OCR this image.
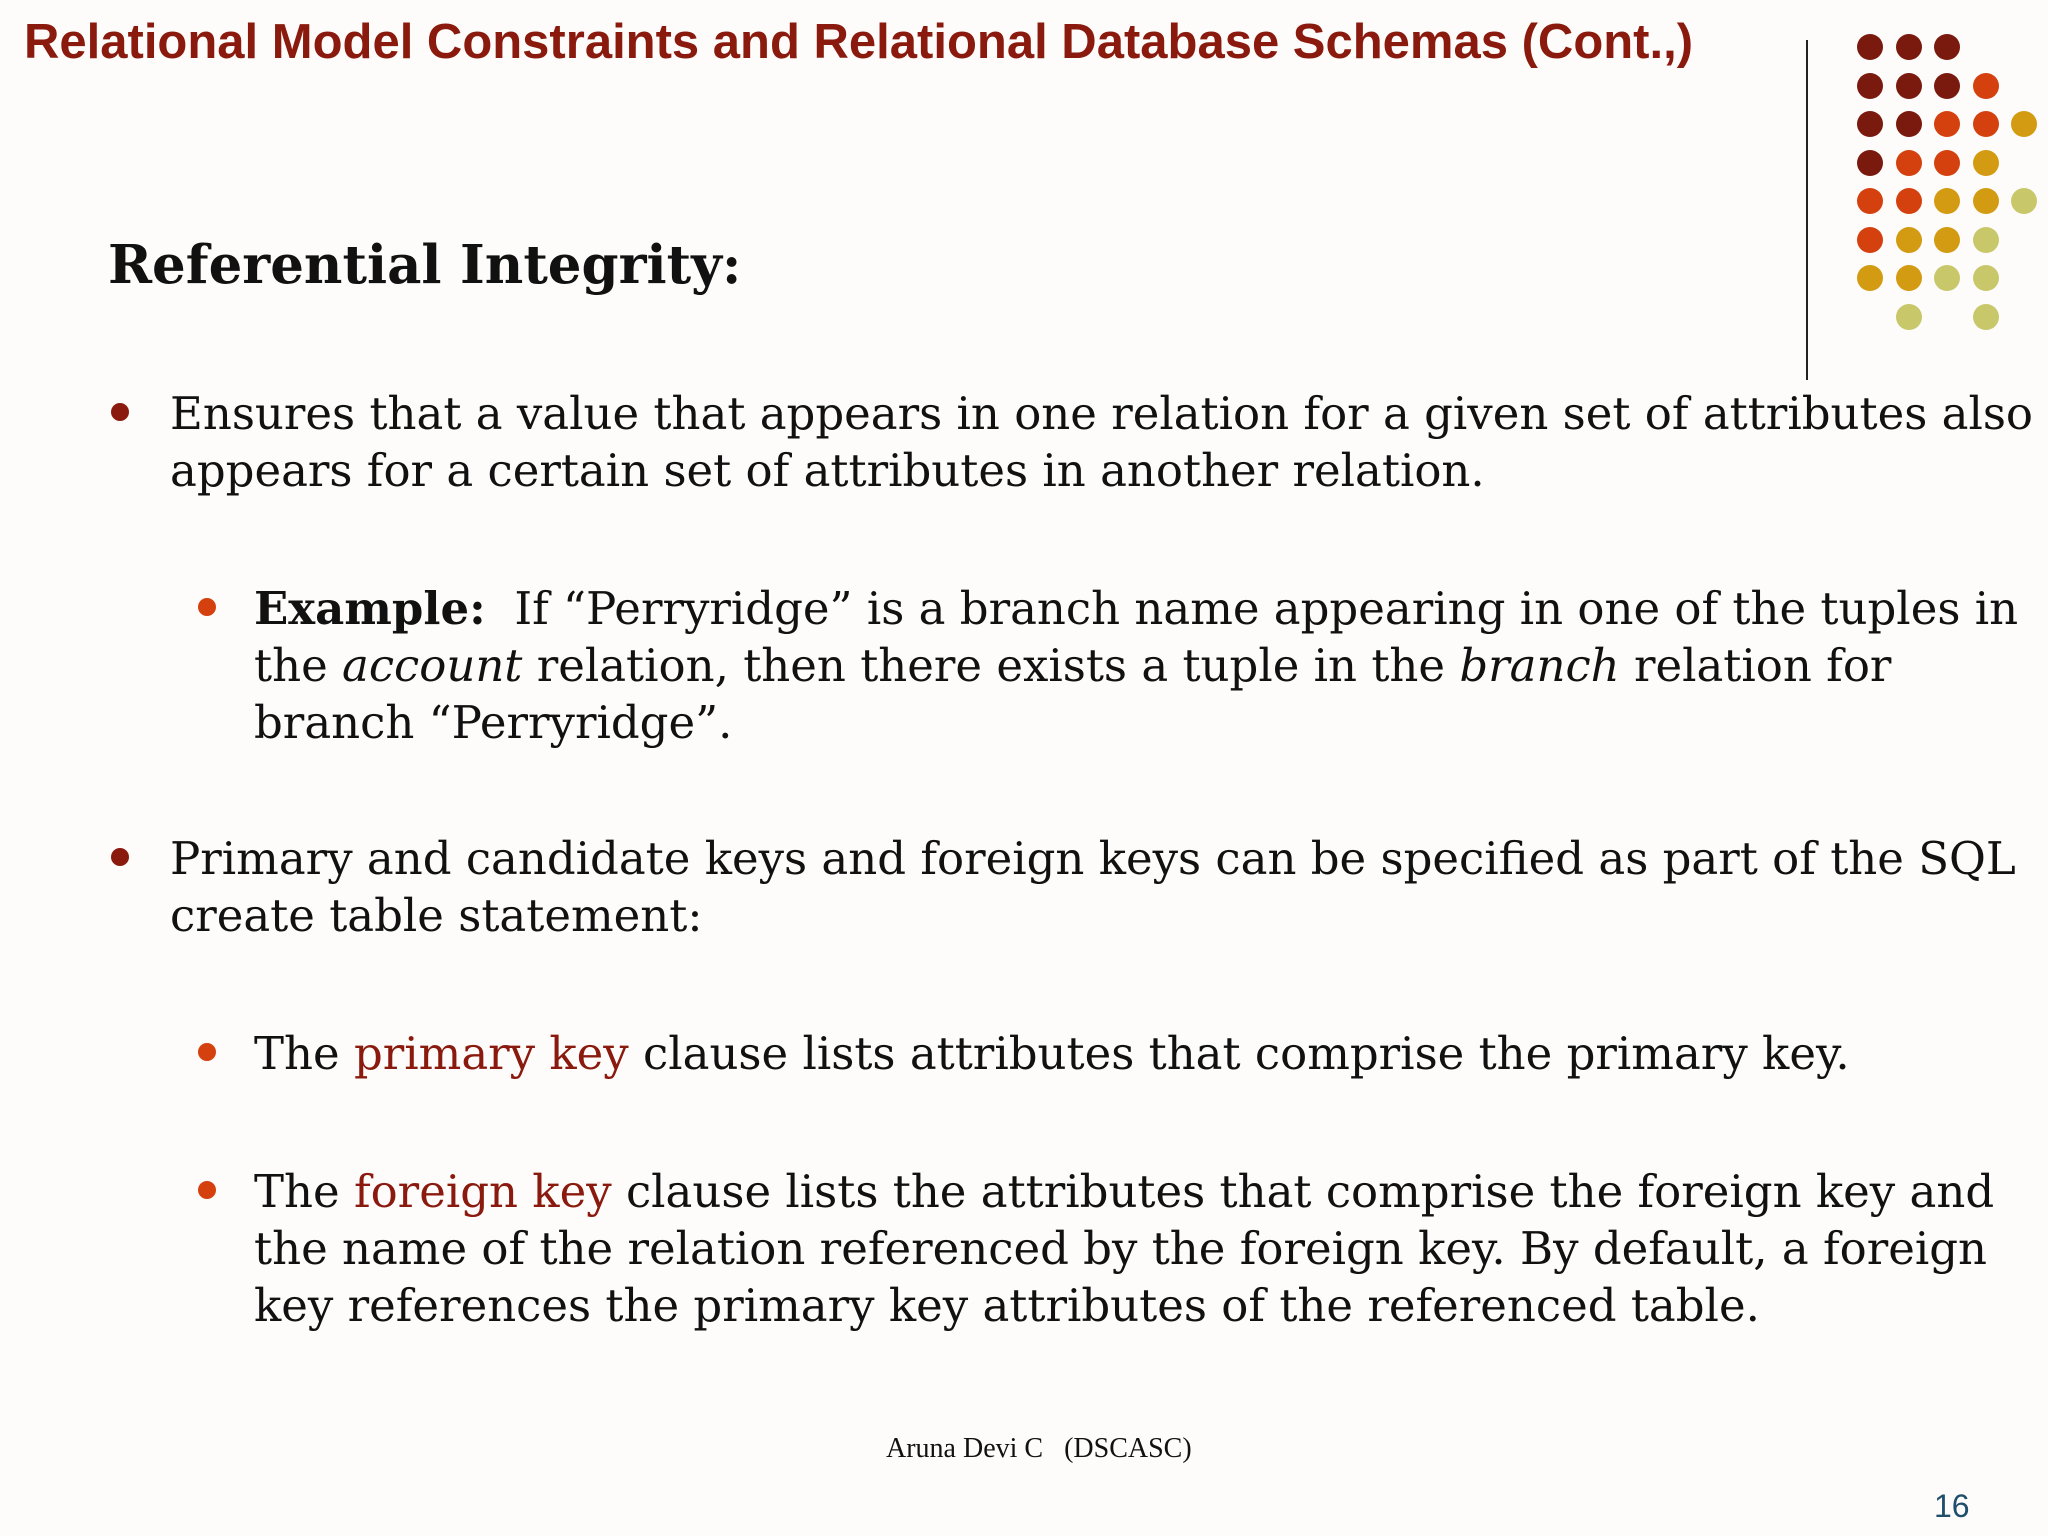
Relational Model Constraints and Relational Database Schemas (Cont.,)
Referential Integrity:
Ensures that a value that appears in one relation for a given set of attributes also
appears for a certain set of attributes in another relation.
Example: If “Perryridge” is a branch name appearing in one of the tuples in
the account relation, then there exists a tuple in the branch relation for
branch “Perryridge”.
Primary and candidate keys and foreign keys can be specified as part of the SQL
create table statement:
The primary key clause lists attributes that comprise the primary key.
The foreign key clause lists the attributes that comprise the foreign key and
the name of the relation referenced by the foreign key. By default, a foreign
key references the primary key attributes of the referenced table.
Aruna Devi C   (DSCASC)
16
